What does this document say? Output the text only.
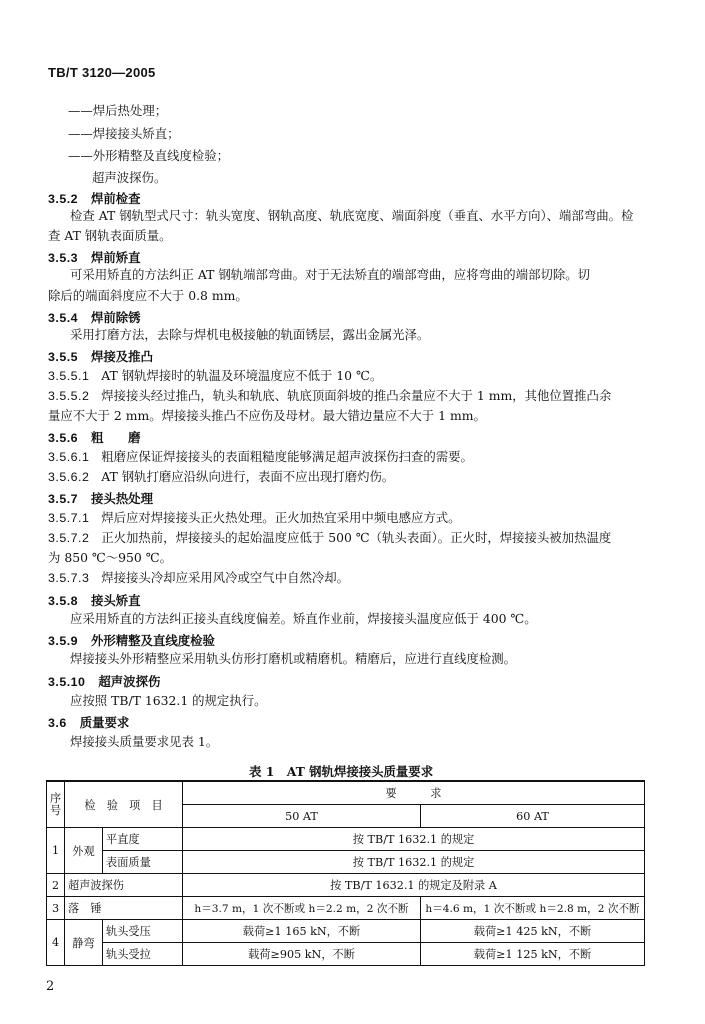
TB/T 3120—2005
——焊后热处理；
——焊接接头矫直；
——外形精整及直线度检验；
超声波探伤。
3.5.2 焊前检查
检查 AT 钢轨型式尺寸：轨头宽度、钢轨高度、轨底宽度、端面斜度（垂直、水平方向）、端部弯曲。检
查 AT 钢轨表面质量。
3.5.3 焊前矫直
可采用矫直的方法纠正 AT 钢轨端部弯曲。对于无法矫直的端部弯曲，应将弯曲的端部切除。切
除后的端面斜度应不大于 0.8 mm。
3.5.4 焊前除锈
采用打磨方法，去除与焊机电极接触的轨面锈层，露出金属光泽。
3.5.5 焊接及推凸
3.5.5.1 AT 钢轨焊接时的轨温及环境温度应不低于 10 ℃。
3.5.5.2 焊接接头经过推凸，轨头和轨底、轨底顶面斜坡的推凸余量应不大于 1 mm，其他位置推凸余
量应不大于 2 mm。焊接接头推凸不应伤及母材。最大错边量应不大于 1 mm。
3.5.6 粗　　磨
3.5.6.1 粗磨应保证焊接接头的表面粗糙度能够满足超声波探伤扫查的需要。
3.5.6.2 AT 钢轨打磨应沿纵向进行，表面不应出现打磨灼伤。
3.5.7 接头热处理
3.5.7.1 焊后应对焊接接头正火热处理。正火加热宜采用中频电感应方式。
3.5.7.2 正火加热前，焊接接头的起始温度应低于 500 ℃（轨头表面）。正火时，焊接接头被加热温度
为 850 ℃～950 ℃。
3.5.7.3 焊接接头冷却应采用风冷或空气中自然冷却。
3.5.8 接头矫直
应采用矫直的方法纠正接头直线度偏差。矫直作业前，焊接接头温度应低于 400 ℃。
3.5.9 外形精整及直线度检验
焊接接头外形精整应采用轨头仿形打磨机或精磨机。精磨后，应进行直线度检测。
3.5.10 超声波探伤
应按照 TB/T 1632.1 的规定执行。
3.6 质量要求
焊接接头质量要求见表 1。
表 1　AT 钢轨焊接接头质量要求
序号	检　验　项　目		要　　　求	
			50 AT	60 AT
1	外观	平直度	按 TB/T 1632.1 的规定	
		表面质量	按 TB/T 1632.1 的规定	
2	超声波探伤		按 TB/T 1632.1 的规定及附录 A	
3	落　锤		h＝3.7 m，1 次不断或 h＝2.2 m，2 次不断	h＝4.6 m，1 次不断或 h＝2.8 m，2 次不断
4	静弯	轨头受压	载荷≥1 165 kN，不断	载荷≥1 425 kN，不断
		轨头受拉	载荷≥905 kN，不断	载荷≥1 125 kN，不断
2
